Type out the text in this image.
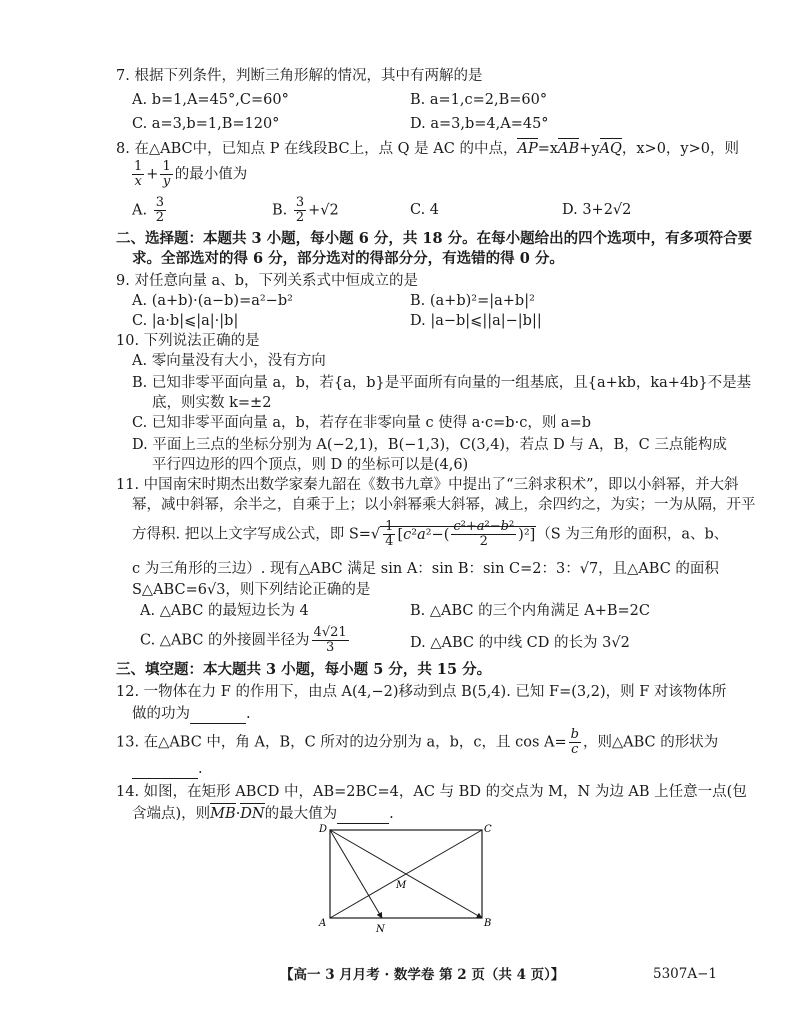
7. 根据下列条件，判断三角形解的情况，其中有两解的是
A. b=1,A=45°,C=60°	B. a=1,c=2,B=60°
C. a=3,b=1,B=120°	D. a=3,b=4,A=45°
8. 在△ABC中，已知点 P 在线段BC上，点 Q 是 AC 的中点，AP=xAB+yAQ，x>0，y>0，则
$\frac{1}{x} + \frac{1}{y}$ 的最小值为
A. $\frac{3}{2}$	B. $\frac{3}{2} +√2$	C. 4	D. 3+2√2
二、选择题：本题共 3 小题，每小题 6 分，共 18 分。在每小题给出的四个选项中，有多项符合要
求。全部选对的得 6 分，部分选对的得部分分，有选错的得 0 分。
9. 对任意向量 a、b，下列关系式中恒成立的是
A. (a+b)·(a−b)=a²−b²	B. (a+b)²=|a+b|²
C. |a·b|⩽|a|·|b|	D. |a−b|⩽||a|−|b||
10. 下列说法正确的是
A. 零向量没有大小，没有方向
B. 已知非零平面向量 a，b，若{a，b}是平面所有向量的一组基底，且{a+kb，ka+4b}不是基
底，则实数 k=±2
C. 已知非零平面向量 a，b，若存在非零向量 c 使得 a·c=b·c，则 a=b
D. 平面上三点的坐标分别为 A(−2,1)，B(−1,3)，C(3,4)，若点 D 与 A，B，C 三点能构成
平行四边形的四个顶点，则 D 的坐标可以是(4,6)
11. 中国南宋时期杰出数学家秦九韶在《数书九章》中提出了“三斜求积术”，即以小斜幂，并大斜
幂，减中斜幂，余半之，自乘于上；以小斜幂乘大斜幂，减上，余四约之，为实；一为从隔，开平
方得积. 把以上文字写成公式，即 $S=√ \frac{1}{4} [c^2a^2-( \frac{\text{c²+a²−b²}}{2} )^2](S$ 为三角形的面积，a、b、
c 为三角形的三边）. 现有△ABC 满足 sin A：sin B：sin C=2：3：√7，且△ABC 的面积
S△ABC=6√3，则下列结论正确的是
A. △ABC 的最短边长为 4	B. △ABC 的三个内角满足 A+B=2C
C. △ABC 的外接圆半径为 $\frac{4√21}{3}$	D. △ABC 的中线 CD 的长为 3√2
三、填空题：本大题共 3 小题，每小题 5 分，共 15 分。
12. 一物体在力 F 的作用下，由点 A(4,−2)移动到点 B(5,4). 已知 F=(3,2)，则 F 对该物体所
做的功为	.
13. 在△ABC 中，角 A，B，C 所对的边分别为 a，b，c，且 $\cos A= \frac{b}{c}$ ，则△ABC 的形状为
.
14. 如图，在矩形 ABCD 中，AB=2BC=4，AC 与 BD 的交点为 M，N 为边 AB 上任意一点(包
含端点)，则MB·DN的最大值为	.
D	C
A	B
M
N
【高一 3 月月考 · 数学卷 第 2 页（共 4 页）】	5307A−1
